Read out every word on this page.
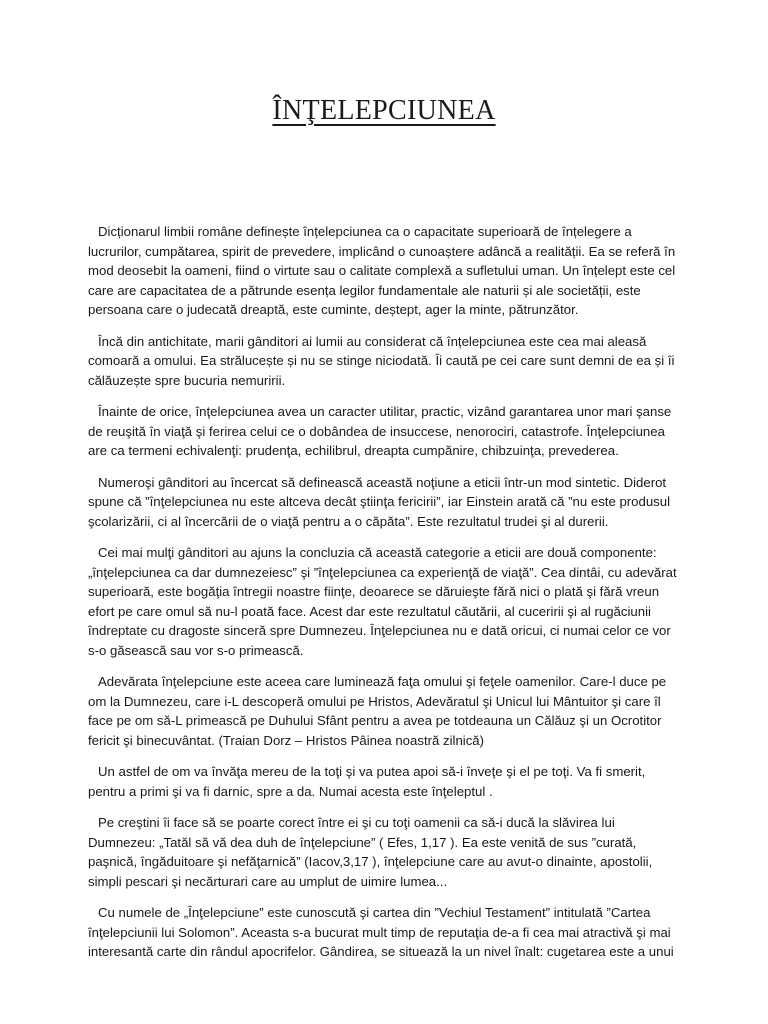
ÎNŢELEPCIUNEA

Dicționarul limbii române definește înțelepciunea ca o capacitate superioară de înțelegere a lucrurilor, cumpătarea, spirit de prevedere, implicând o cunoaștere adâncă a realității. Ea se referă în mod deosebit la oameni, fiind o virtute sau o calitate complexă a sufletului uman. Un înțelept este cel care are capacitatea de a pătrunde esența legilor fundamentale ale naturii și ale societății, este persoana care o judecată dreaptă, este cuminte, deștept, ager la minte, pătrunzător.

Încă din antichitate, marii gânditori ai lumii au considerat că înțelepciunea este cea mai aleasă comoară a omului. Ea strălucește și nu se stinge niciodată. Îi caută pe cei care sunt demni de ea și îi călăuzește spre bucuria nemuririi.

Înainte de orice, înţelepciunea avea un caracter utilitar, practic, vizând garantarea unor mari şanse de reuşită în viaţă şi ferirea celui ce o dobândea de insuccese, nenorociri, catastrofe. Înţelepciunea are ca termeni echivalenţi: prudenţa, echilibrul, dreapta cumpănire, chibzuinţa, prevederea.

Numeroşi gânditori au încercat să definească această noţiune a eticii într-un mod sintetic. Diderot spune că ”înţelepciunea nu este altceva decât ştiinţa fericirii”, iar Einstein arată că ”nu este produsul şcolarizării, ci al încercării de o viaţă pentru a o căpăta”. Este rezultatul trudei şi al durerii.

Cei mai mulţi gânditori au ajuns la concluzia că această categorie a eticii are două componente: „înţelepciunea ca dar dumnezeiesc” şi ”înţelepciunea ca experienţă de viaţă”. Cea dintâi, cu adevărat superioară, este bogăţia întregii noastre fiinţe, deoarece se dăruieşte fără nici o plată şi fără vreun efort pe care omul să nu-l poată face. Acest dar este rezultatul căutării, al cuceririi şi al rugăciunii îndreptate cu dragoste sinceră spre Dumnezeu. Înţelepciunea nu e dată oricui, ci numai celor ce vor s-o găsească sau vor s-o primească.

Adevărata înţelepciune este aceea care luminează faţa omului şi feţele oamenilor. Care-l duce pe om la Dumnezeu, care i-L descoperă omului pe Hristos, Adevăratul şi Unicul lui Mântuitor şi care îl face pe om să-L primească pe Duhului Sfânt pentru a avea pe totdeauna un Călăuz şi un Ocrotitor fericit şi binecuvântat. (Traian Dorz – Hristos Pâinea noastră zilnică)

Un astfel de om va învăţa mereu de la toţi şi va putea apoi să-i înveţe şi el pe toţi. Va fi smerit, pentru a primi şi va fi darnic, spre a da. Numai acesta este înţeleptul .

Pe creştini îi face să se poarte corect între ei şi cu toţi oamenii ca să-i ducă la slăvirea lui Dumnezeu: „Tatăl să vă dea duh de înţelepciune” ( Efes, 1,17 ). Ea este venită de sus ”curată, paşnică, îngăduitoare şi nefăţarnică” (Iacov,3,17 ), înţelepciune care au avut-o dinainte, apostolii, simpli pescari şi necărturari care au umplut de uimire lumea...

Cu numele de „Înţelepciune” este cunoscută şi cartea din ”Vechiul Testament” intitulată ”Cartea înţelepciunii lui Solomon”. Aceasta s-a bucurat mult timp de reputaţia de-a fi cea mai atractivă şi mai interesantă carte din rândul apocrifelor. Gândirea, se situează la un nivel înalt: cugetarea este a unui
